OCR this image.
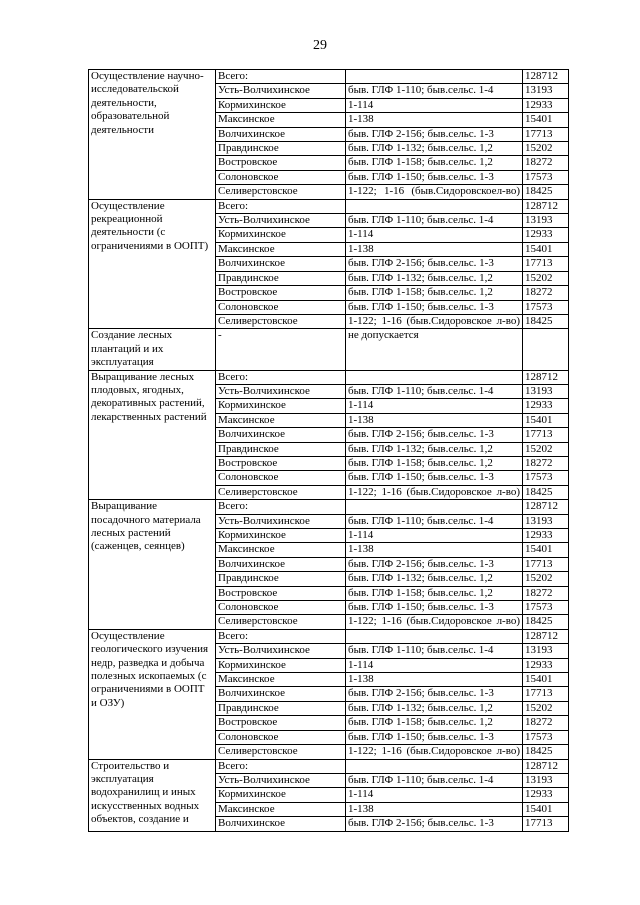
29
Осуществление научно-исследовательской деятельности, образовательной деятельности	Всего:		128712
	Усть-Волчихинское	быв. ГЛФ 1-110; быв.сельс. 1-4	13193
	Кормихинское	1-114	12933
	Максинское	1-138	15401
	Волчихинское	быв. ГЛФ 2-156; быв.сельс. 1-3	17713
	Правдинское	быв. ГЛФ 1-132; быв.сельс. 1,2	15202
	Востровское	быв. ГЛФ 1-158; быв.сельс. 1,2	18272
	Солоновское	быв. ГЛФ 1-150; быв.сельс. 1-3	17573
	Селиверстовское	1-122; 1-16 (быв.Сидоровскоел-во)	18425
Осуществление рекреационной деятельности (с ограничениями в ООПТ)	Всего:		128712
	Усть-Волчихинское	быв. ГЛФ 1-110; быв.сельс. 1-4	13193
	Кормихинское	1-114	12933
	Максинское	1-138	15401
	Волчихинское	быв. ГЛФ 2-156; быв.сельс. 1-3	17713
	Правдинское	быв. ГЛФ 1-132; быв.сельс. 1,2	15202
	Востровское	быв. ГЛФ 1-158; быв.сельс. 1,2	18272
	Солоновское	быв. ГЛФ 1-150; быв.сельс. 1-3	17573
	Селиверстовское	1-122; 1-16 (быв.Сидоровское л-во)	18425
Создание лесных плантаций и их эксплуатация	-	не допускается	
Выращивание лесных плодовых, ягодных, декоративных растений, лекарственных растений	Всего:		128712
	Усть-Волчихинское	быв. ГЛФ 1-110; быв.сельс. 1-4	13193
	Кормихинское	1-114	12933
	Максинское	1-138	15401
	Волчихинское	быв. ГЛФ 2-156; быв.сельс. 1-3	17713
	Правдинское	быв. ГЛФ 1-132; быв.сельс. 1,2	15202
	Востровское	быв. ГЛФ 1-158; быв.сельс. 1,2	18272
	Солоновское	быв. ГЛФ 1-150; быв.сельс. 1-3	17573
	Селиверстовское	1-122; 1-16 (быв.Сидоровское л-во)	18425
Выращивание посадочного материала лесных растений (саженцев, сеянцев)	Всего:		128712
	Усть-Волчихинское	быв. ГЛФ 1-110; быв.сельс. 1-4	13193
	Кормихинское	1-114	12933
	Максинское	1-138	15401
	Волчихинское	быв. ГЛФ 2-156; быв.сельс. 1-3	17713
	Правдинское	быв. ГЛФ 1-132; быв.сельс. 1,2	15202
	Востровское	быв. ГЛФ 1-158; быв.сельс. 1,2	18272
	Солоновское	быв. ГЛФ 1-150; быв.сельс. 1-3	17573
	Селиверстовское	1-122; 1-16 (быв.Сидоровское л-во)	18425
Осуществление геологического изучения недр, разведка и добыча полезных ископаемых (с ограничениями в ООПТ и ОЗУ)	Всего:		128712
	Усть-Волчихинское	быв. ГЛФ 1-110; быв.сельс. 1-4	13193
	Кормихинское	1-114	12933
	Максинское	1-138	15401
	Волчихинское	быв. ГЛФ 2-156; быв.сельс. 1-3	17713
	Правдинское	быв. ГЛФ 1-132; быв.сельс. 1,2	15202
	Востровское	быв. ГЛФ 1-158; быв.сельс. 1,2	18272
	Солоновское	быв. ГЛФ 1-150; быв.сельс. 1-3	17573
	Селиверстовское	1-122; 1-16 (быв.Сидоровское л-во)	18425
Строительство и эксплуатация водохранилищ и иных искусственных водных объектов, создание и	Всего:		128712
	Усть-Волчихинское	быв. ГЛФ 1-110; быв.сельс. 1-4	13193
	Кормихинское	1-114	12933
	Максинское	1-138	15401
	Волчихинское	быв. ГЛФ 2-156; быв.сельс. 1-3	17713
